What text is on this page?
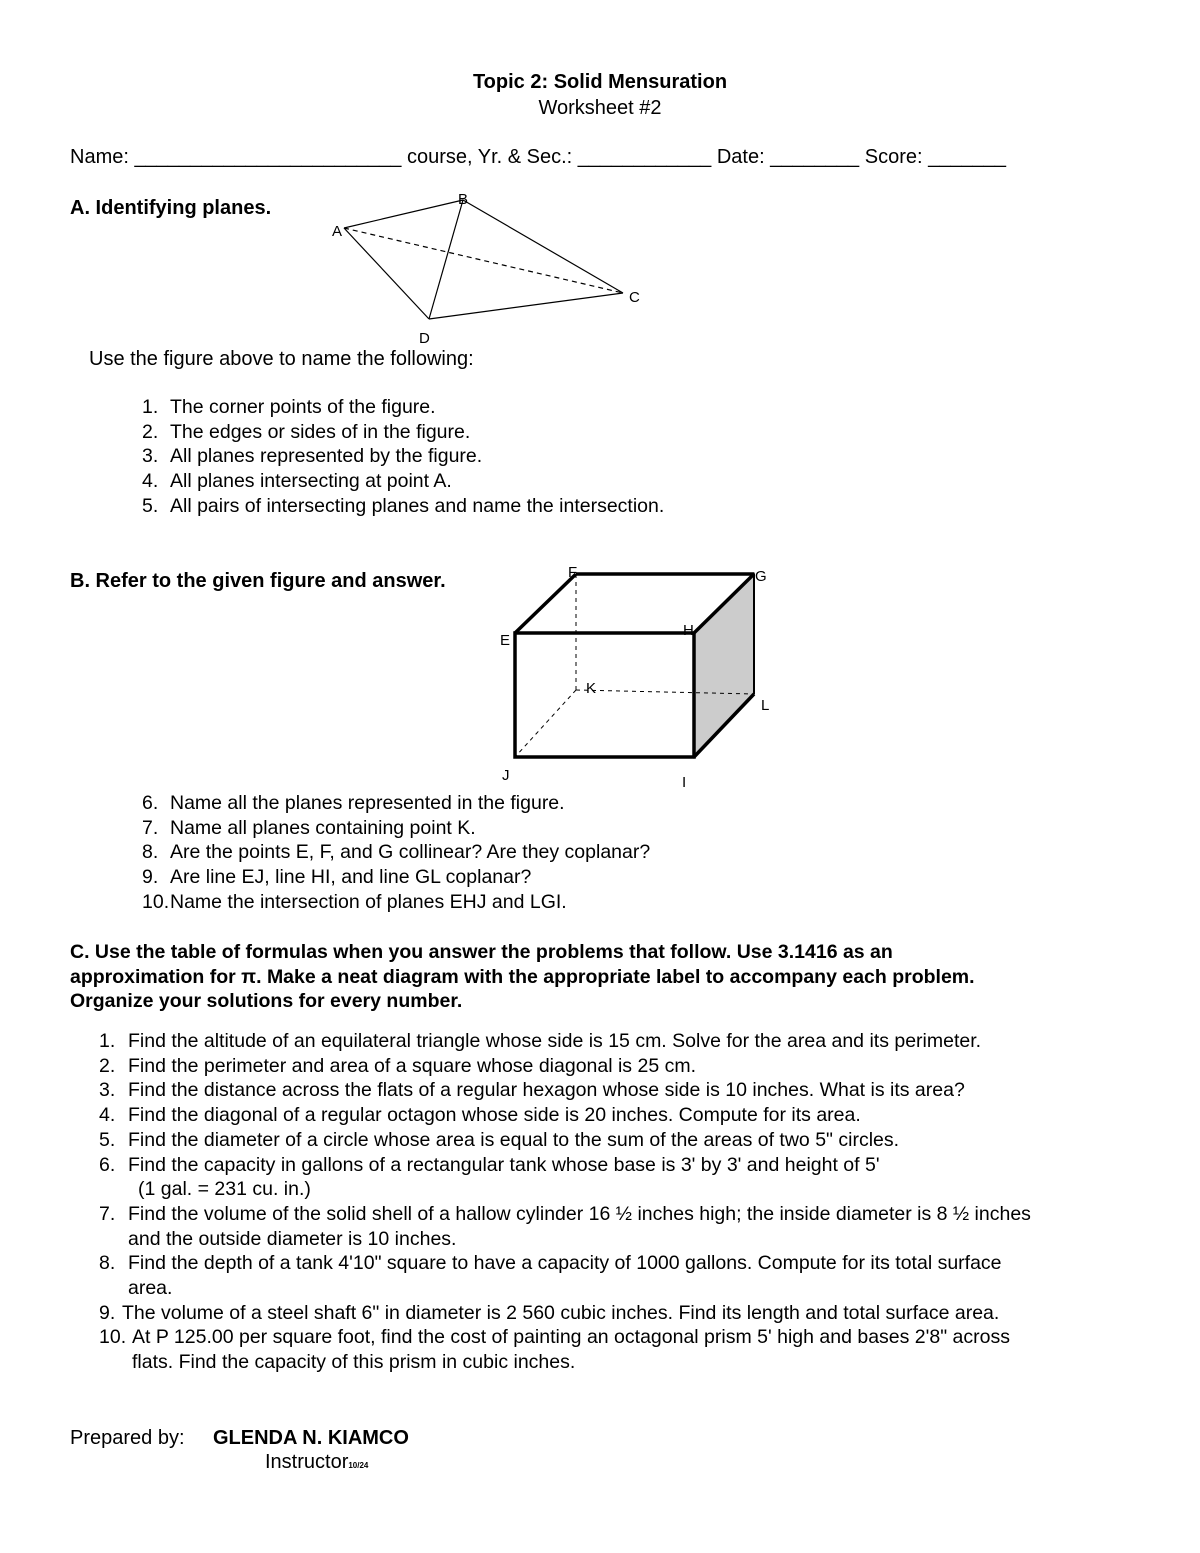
Topic 2: Solid Mensuration
Worksheet #2
Name: ________________________ course, Yr. & Sec.: ____________ Date: ________ Score: _______
A. Identifying planes.
A
B
C
D
Use the figure above to name the following:
1. The corner points of the figure.
2. The edges or sides of in the figure.
3. All planes represented by the figure.
4. All planes intersecting at point A.
5. All pairs of intersecting planes and name the intersection.
B. Refer to the given figure and answer.
E
F	G
H
I
J
K
L
6. Name all the planes represented in the figure.
7. Name all planes containing point K.
8. Are the points E, F, and G collinear? Are they coplanar?
9. Are line EJ, line HI, and line GL coplanar?
10.Name the intersection of planes EHJ and LGI.
C. Use the table of formulas when you answer the problems that follow. Use 3.1416 as an
approximation for π. Make a neat diagram with the appropriate label to accompany each problem.
Organize your solutions for every number.
1. Find the altitude of an equilateral triangle whose side is 15 cm. Solve for the area and its perimeter.
2. Find the perimeter and area of a square whose diagonal is 25 cm.
3. Find the distance across the flats of a regular hexagon whose side is 10 inches. What is its area?
4. Find the diagonal of a regular octagon whose side is 20 inches. Compute for its area.
5. Find the diameter of a circle whose area is equal to the sum of the areas of two 5" circles.
6. Find the capacity in gallons of a rectangular tank whose base is 3' by 3' and height of 5'
(1 gal. = 231 cu. in.)
7. Find the volume of the solid shell of a hallow cylinder 16 ½ inches high; the inside diameter is 8 ½ inches
and the outside diameter is 10 inches.
8. Find the depth of a tank 4'10" square to have a capacity of 1000 gallons. Compute for its total surface
area.
9. The volume of a steel shaft 6" in diameter is 2 560 cubic inches. Find its length and total surface area.
10. At P 125.00 per square foot, find the cost of painting an octagonal prism 5' high and bases 2'8" across
flats. Find the capacity of this prism in cubic inches.
Prepared by: GLENDA N. KIAMCO
Instructor10/24
